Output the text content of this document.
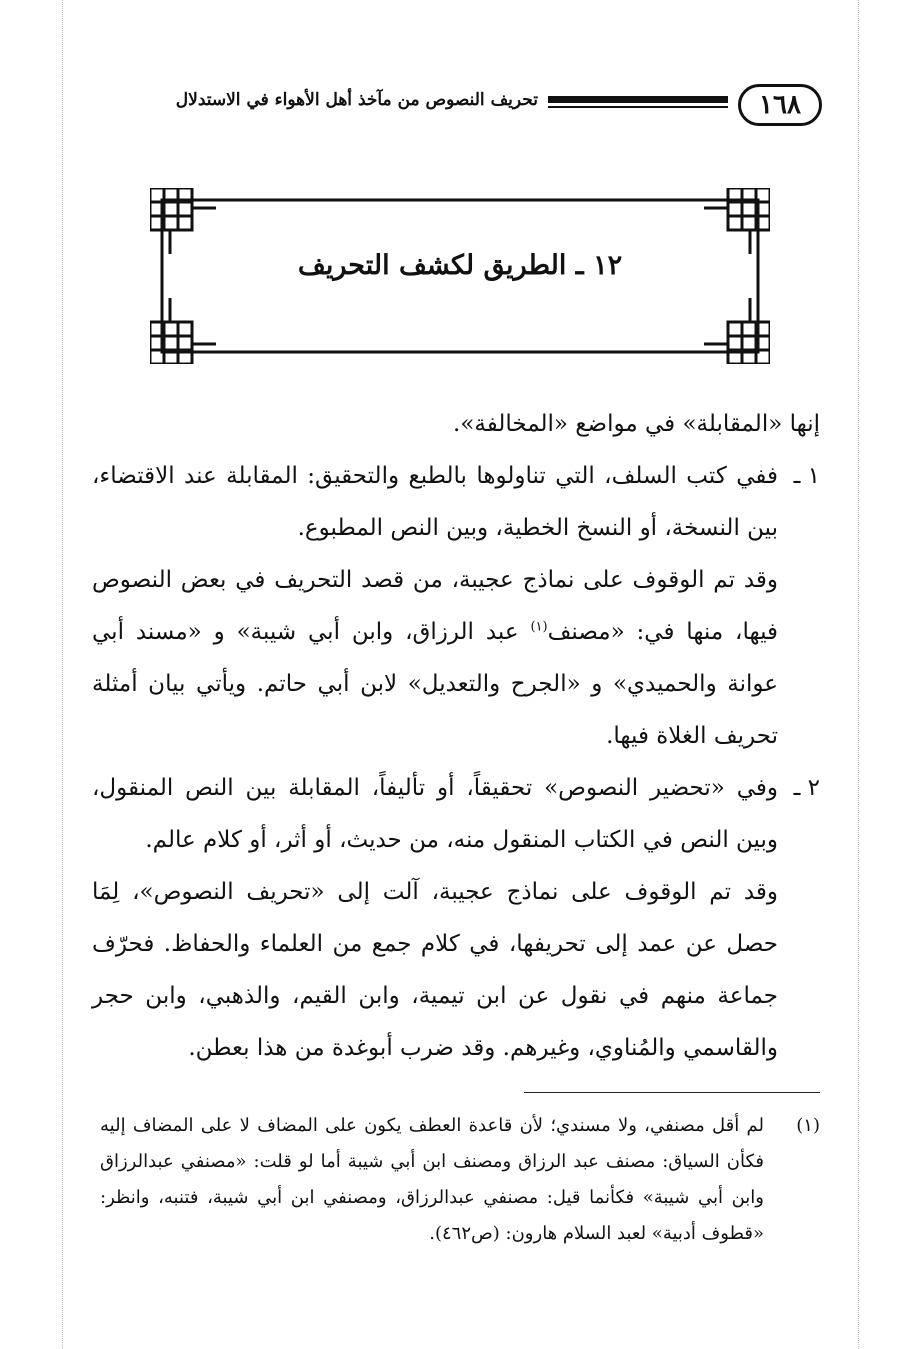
١٦٨
تحريف النصوص من مآخذ أهل الأهواء في الاستدلال
١٢ ـ الطريق لكشف التحريف

إنها «المقابلة» في مواضع «المخالفة».

١ ـ
ففي كتب السلف، التي تناولوها بالطبع والتحقيق: المقابلة عند الاقتضاء، بين النسخة، أو النسخ الخطية، وبين النص المطبوع.

وقد تم الوقوف على نماذج عجيبة، من قصد التحريف في بعض النصوص فيها، منها في: «مصنف$^{(١)}$ عبد الرزاق، وابن أبي شيبة» و «مسند أبي عوانة والحميدي» و «الجرح والتعديل» لابن أبي حاتم. ويأتي بيان أمثلة تحريف الغلاة فيها.

٢ ـ
وفي «تحضير النصوص» تحقيقاً، أو تأليفاً، المقابلة بين النص المنقول، وبين النص في الكتاب المنقول منه، من حديث، أو أثر، أو كلام عالم.

وقد تم الوقوف على نماذج عجيبة، آلت إلى «تحريف النصوص»، لِمَا حصل عن عمد إلى تحريفها، في كلام جمع من العلماء والحفاظ. فحرّف جماعة منهم في نقول عن ابن تيمية، وابن القيم، والذهبي، وابن حجر والقاسمي والمُناوي، وغيرهم. وقد ضرب أبوغدة من هذا بعطن.

(١)

لم أقل مصنفي، ولا مسندي؛ لأن قاعدة العطف يكون على المضاف لا على المضاف إليه فكأن السياق: مصنف عبد الرزاق ومصنف ابن أبي شيبة أما لو قلت: «مصنفي عبدالرزاق وابن أبي شيبة» فكأنما قيل: مصنفي عبدالرزاق، ومصنفي ابن أبي شيبة، فتنبه، وانظر: «قطوف أدبية» لعبد السلام هارون: (ص٤٦٢).
